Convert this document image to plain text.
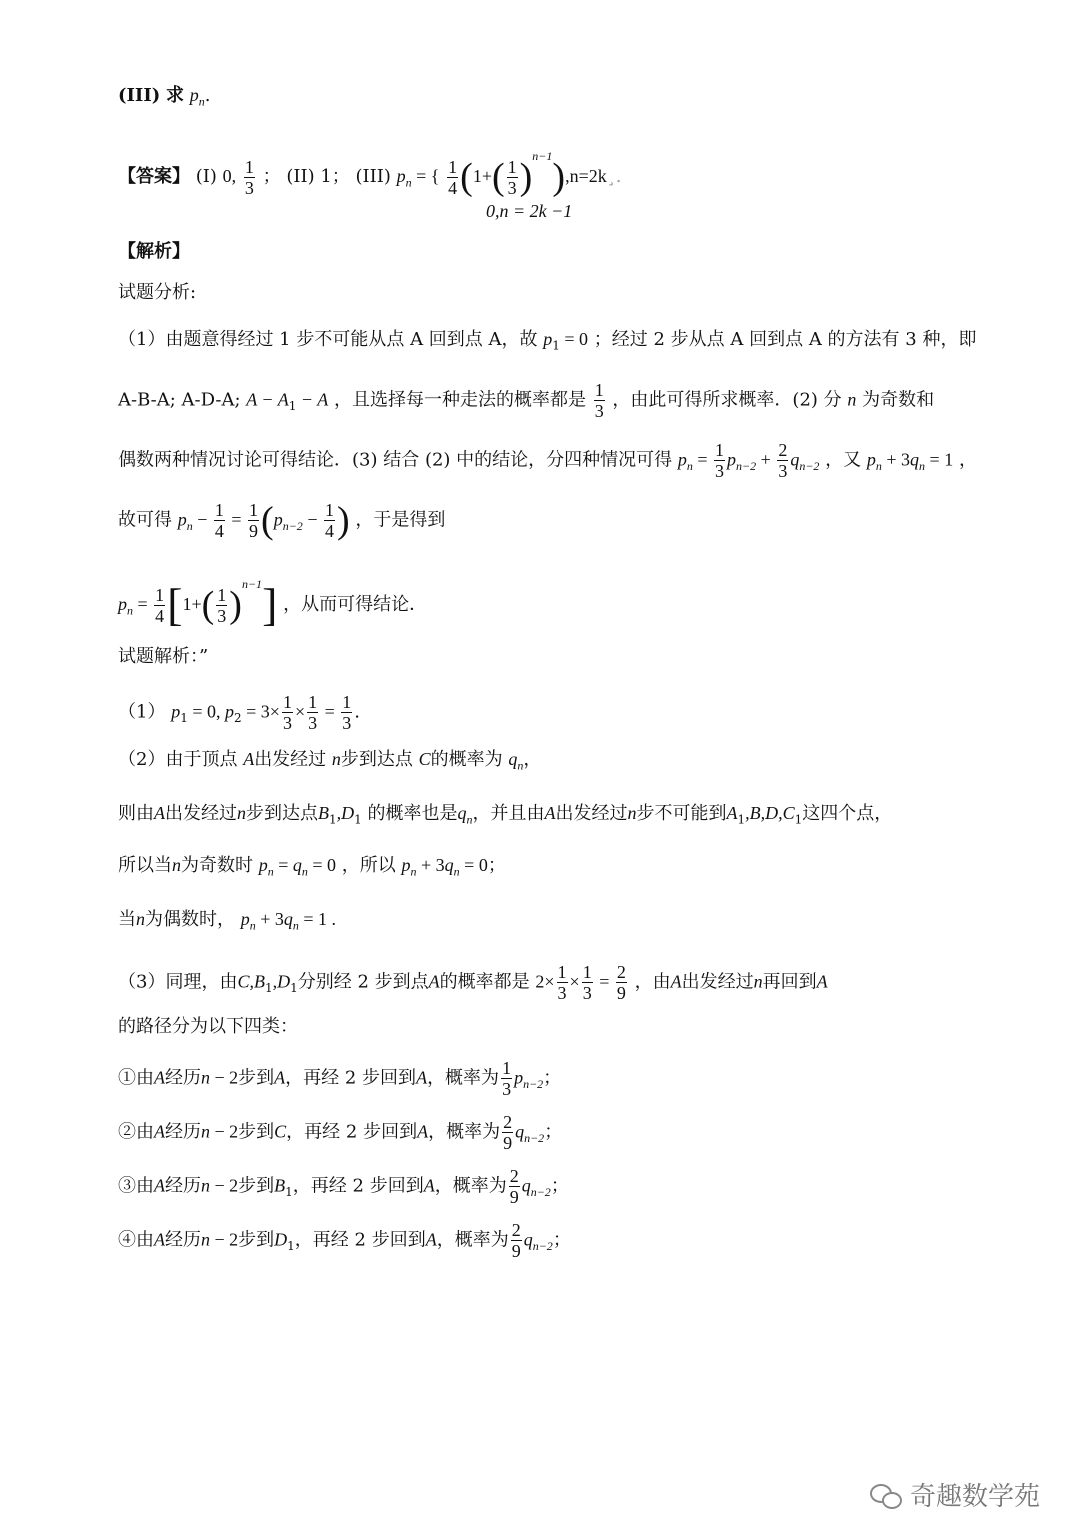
(III) 求 $p_n$.
【答案】 (I) 0, $\frac{1}{3}$ ； (II) 1； (III) $p_n$ = { $\frac{1}{4} (1+( \frac{1}{3}$ )$^{n-1}),n=2k¸$.
0,n = 2k −1
【解析】
试题分析:
（1）由题意得经过 1 步不可能从点 A 回到点 A，故 $p_1 = 0$ ；经过 2 步从点 A 回到点 A 的方法有 3 种，即
A-B-A; A-D-A; $A - A_1 - A$ ，且选择每一种走法的概率都是 $\frac{1}{3}$ ，由此可得所求概率．(2) 分 n 为奇数和
偶数两种情况讨论可得结论．(3) 结合 (2) 中的结论，分四种情况可得 $p_n = \frac{1}{3} p_{n-2} + \frac{2}{3} q_{n-2}$ ，又 $p_n + 3q_n = 1$ ，
故可得 $p_n - \frac{1}{4} = \frac{1}{9} (p_{n-2} - \frac{1}{4}$ ) ，于是得到
$p_n = \frac{1}{4} [1+( \frac{1}{3} )^{n-1}]$ ，从而可得结论．
试题解析：”
（1） $p_1 = 0$, $p_2 = 3\times \frac{1}{3} \times \frac{1}{3} = \frac{1}{3}$ .
（2）由于顶点 A出发经过 n步到达点 C的概率为 $q_n$，
则由A出发经过n步到达点$B_1,D_1$ 的概率也是$q_n$，并且由A出发经过n步不可能到$A_1,B,D,C_1$这四个点，
所以当n为奇数时 $p_n = q_n = 0$ ，所以 $p_n + 3q_n = 0$；
当n为偶数时， $p_n + 3q_n = 1$ .
（3）同理，由$C,B_1,D_1$分别经 2 步到点A的概率都是 $2\times \frac{1}{3} \times \frac{1}{3} = \frac{2}{9}$ ，由A出发经过n再回到A
的路径分为以下四类：
①由A经历n − 2步到A，再经 2 步回到A，概率为 $\frac{1}{3} p_{n-2}$；
②由A经历n − 2步到C，再经 2 步回到A，概率为 $\frac{2}{9} q_{n-2}$；
③由A经历n − 2步到$B_1$，再经 2 步回到A，概率为 $\frac{2}{9} q_{n-2}$；
④由A经历n − 2步到$D_1$，再经 2 步回到A，概率为 $\frac{2}{9} q_{n-2}$；
奇趣数学苑
